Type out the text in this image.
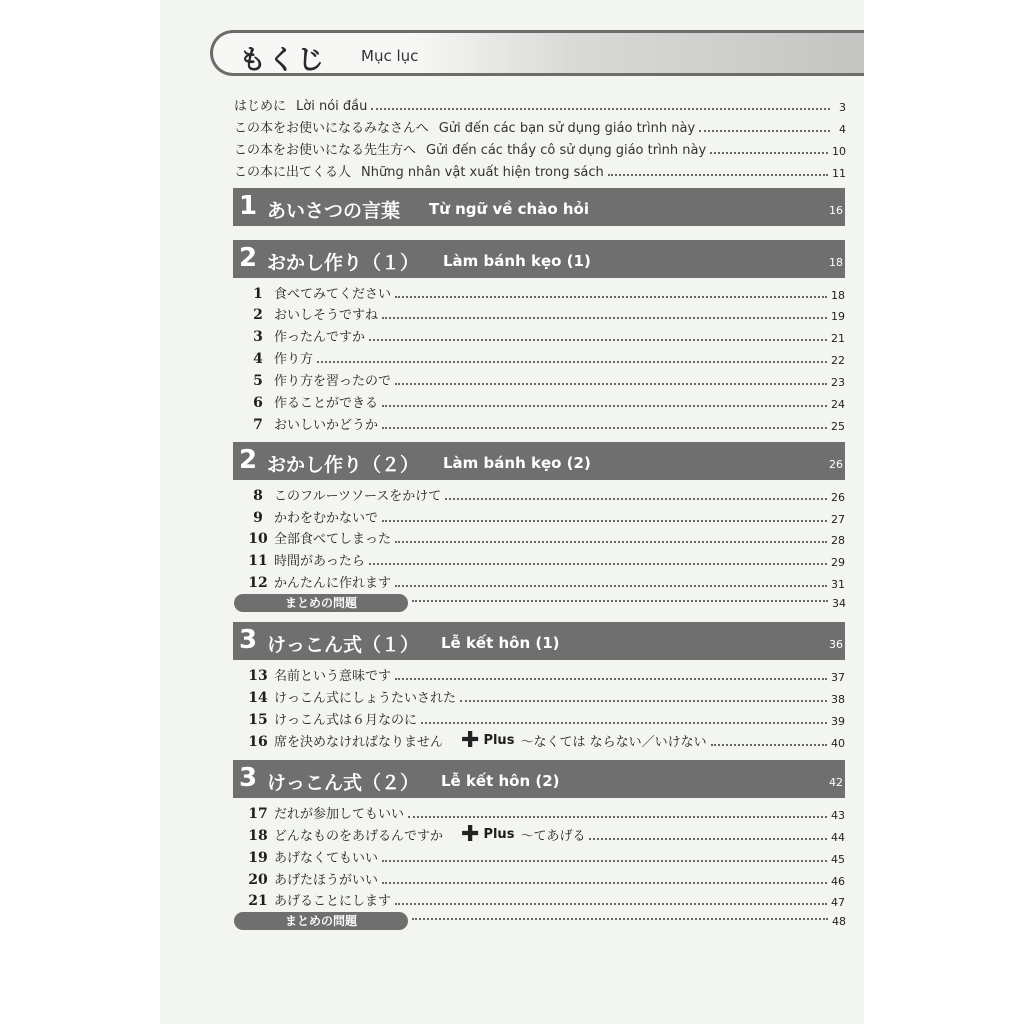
もくじ Mục lục
はじめに Lời nói đầu	3
この本をお使いになるみなさんへ Gửi đến các bạn sử dụng giáo trình này	4
この本をお使いになる先生方へ Gửi đến các thầy cô sử dụng giáo trình này	10
この本に出てくる人 Những nhân vật xuất hiện trong sách	11
1 あいさつの言葉 Từ ngữ về chào hỏi	16
2 おかし作り（１） Làm bánh kẹo (1)	18
1 食べてみてください	18
2 おいしそうですね	19
3 作ったんですか	21
4 作り方	22
5 作り方を習ったので	23
6 作ることができる	24
7 おいしいかどうか	25
2 おかし作り（２） Làm bánh kẹo (2)	26
8 このフルーツソースをかけて	26
9 かわをむかないで	27
10 全部食べてしまった	28
11 時間があったら	29
12 かんたんに作れます	31
まとめの問題	34
3 けっこん式（１） Lễ kết hôn (1)	36
13 名前という意味です	37
14 けっこん式にしょうたいされた	38
15 けっこん式は６月なのに	39
16 席を決めなければなりません ✚ Plus ～なくては ならない／いけない	40
3 けっこん式（２） Lễ kết hôn (2)	42
17 だれが参加してもいい	43
18 どんなものをあげるんですか ✚ Plus ～てあげる	44
19 あげなくてもいい	45
20 あげたほうがいい	46
21 あげることにします	47
まとめの問題	48
